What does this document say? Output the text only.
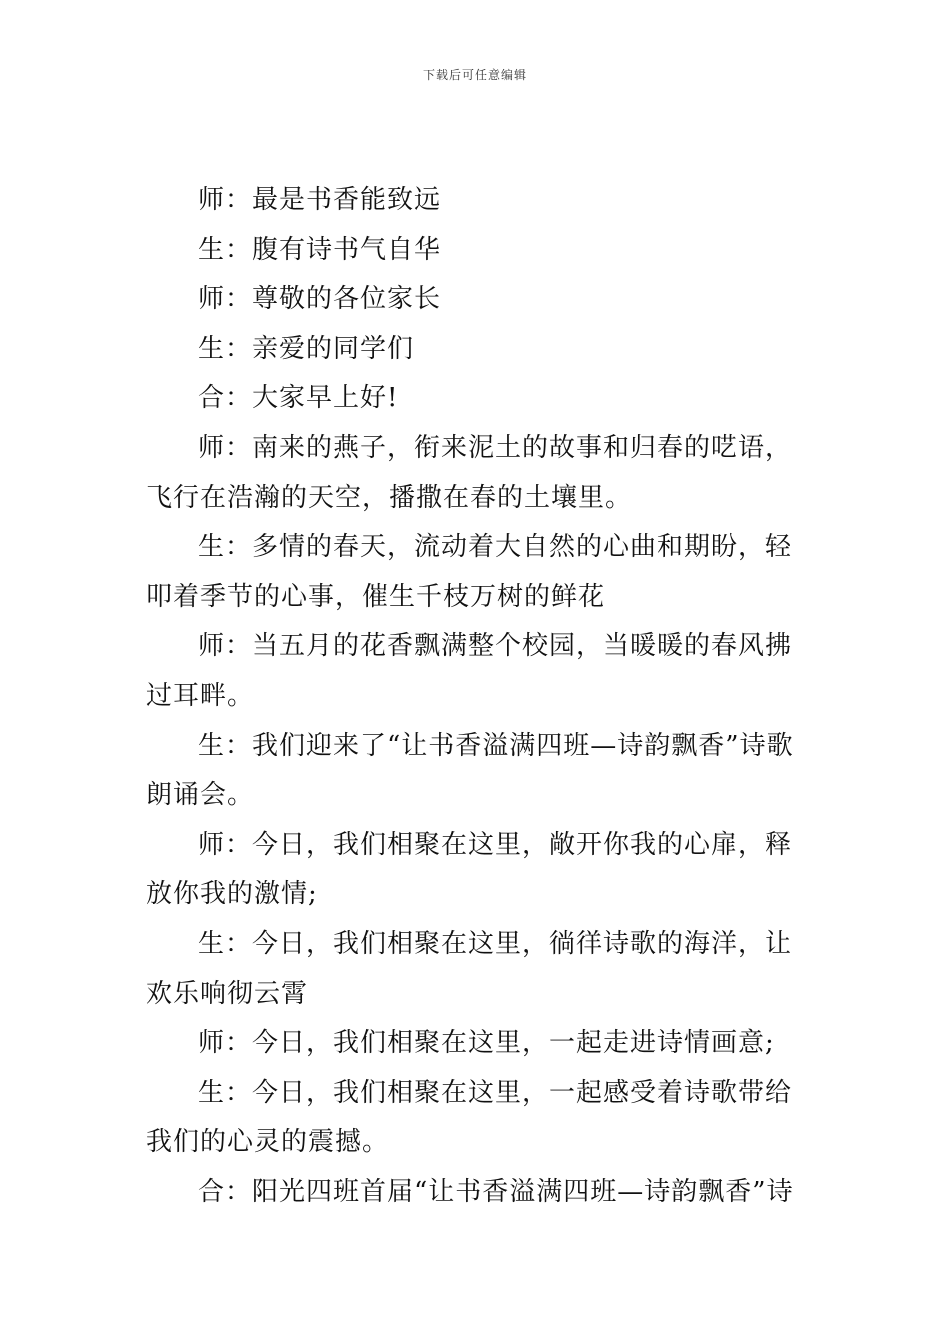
下载后可任意编辑

师：最是书香能致远

生：腹有诗书气自华

师：尊敬的各位家长

生：亲爱的同学们

合：大家早上好!

师：南来的燕子，衔来泥土的故事和归春的呓语，飞行在浩瀚的天空，播撒在春的土壤里。

生：多情的春天，流动着大自然的心曲和期盼，轻叩着季节的心事，催生千枝万树的鲜花

师：当五月的花香飘满整个校园，当暖暖的春风拂过耳畔。

生：我们迎来了“让书香溢满四班—诗韵飘香”诗歌朗诵会。

师：今日，我们相聚在这里，敞开你我的心扉，释放你我的激情;

生：今日，我们相聚在这里，徜徉诗歌的海洋，让欢乐响彻云霄

师：今日，我们相聚在这里，一起走进诗情画意;

生：今日，我们相聚在这里，一起感受着诗歌带给我们的心灵的震撼。

合：阳光四班首届“让书香溢满四班—诗韵飘香”诗
